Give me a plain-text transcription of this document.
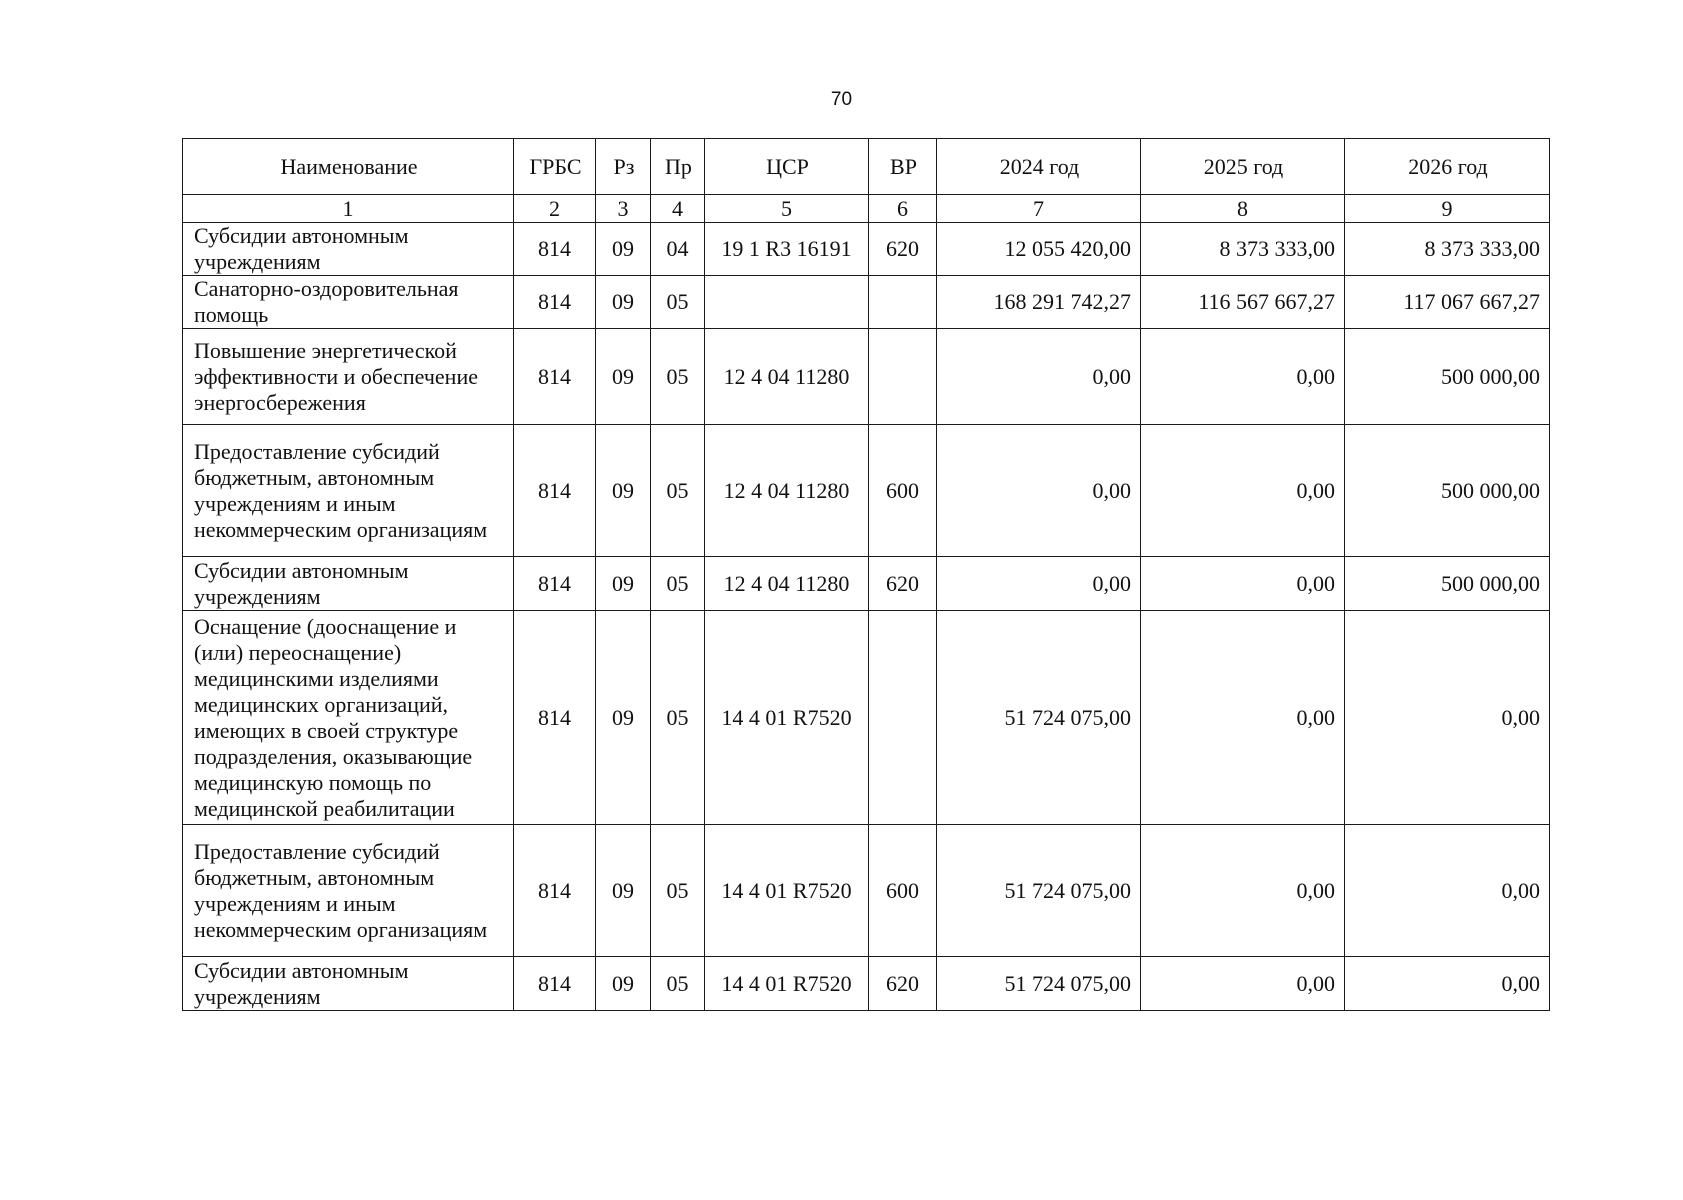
70
Наименование	ГРБС	Рз	Пр	ЦСР	ВР	2024 год	2025 год	2026 год
1	2	3	4	5	6	7	8	9
Субсидии автономным учреждениям	814	09	04	19 1 R3 16191	620	12 055 420,00	8 373 333,00	8 373 333,00
Санаторно-оздоровительная помощь	814	09	05			168 291 742,27	116 567 667,27	117 067 667,27
Повышение энергетической эффективности и обеспечение энергосбережения	814	09	05	12 4 04 11280		0,00	0,00	500 000,00
Предоставление субсидий бюджетным, автономным учреждениям и иным некоммерческим организациям	814	09	05	12 4 04 11280	600	0,00	0,00	500 000,00
Субсидии автономным учреждениям	814	09	05	12 4 04 11280	620	0,00	0,00	500 000,00
Оснащение (дооснащение и (или) переоснащение) медицинскими изделиями медицинских организаций, имеющих в своей структуре подразделения, оказывающие медицинскую помощь по медицинской реабилитации	814	09	05	14 4 01 R7520		51 724 075,00	0,00	0,00
Предоставление субсидий бюджетным, автономным учреждениям и иным некоммерческим организациям	814	09	05	14 4 01 R7520	600	51 724 075,00	0,00	0,00
Субсидии автономным учреждениям	814	09	05	14 4 01 R7520	620	51 724 075,00	0,00	0,00
